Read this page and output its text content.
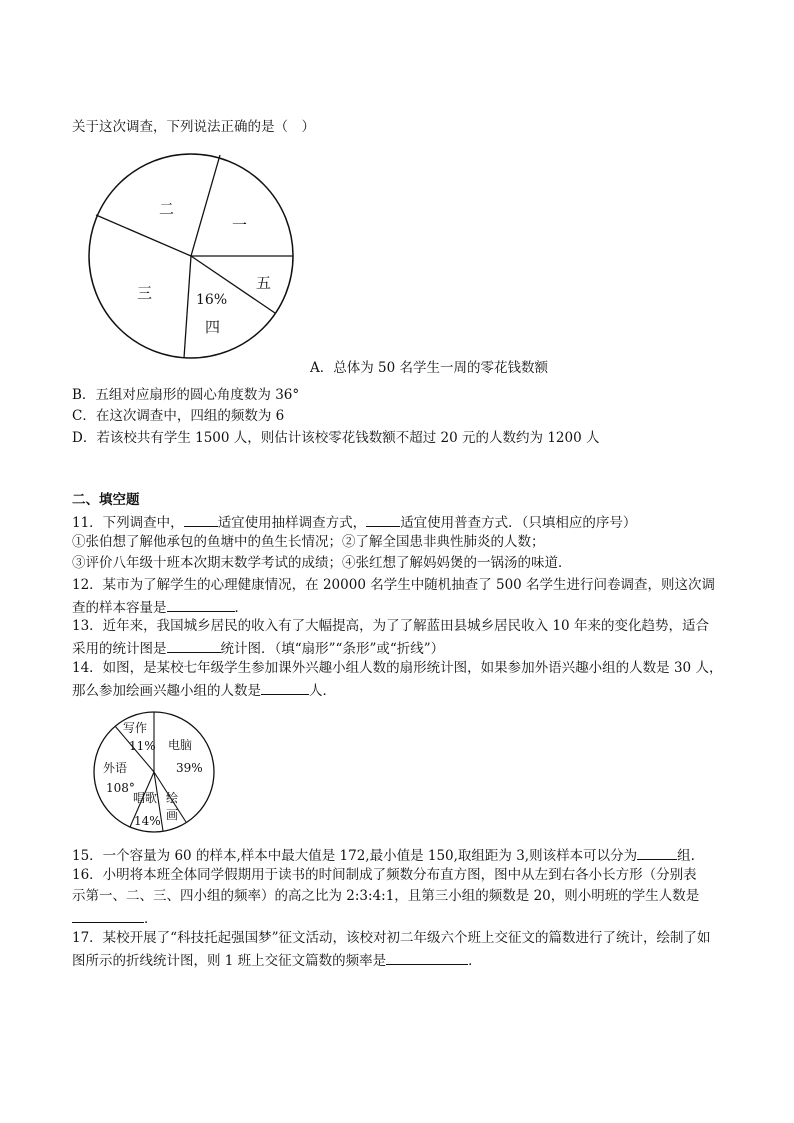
关于这次调查，下列说法正确的是（　）
一
二
三	16%
四
五
A．总体为 50 名学生一周的零花钱数额
B．五组对应扇形的圆心角度数为 36°
C．在这次调查中，四组的频数为 6
D．若该校共有学生 1500 人，则估计该校零花钱数额不超过 20 元的人数约为 1200 人
二、填空题
11．下列调查中，	适宜使用抽样调查方式，	适宜使用普查方式．（只填相应的序号）
①张伯想了解他承包的鱼塘中的鱼生长情况；②了解全国患非典性肺炎的人数；
③评价八年级十班本次期末数学考试的成绩；④张红想了解妈妈煲的一锅汤的味道．
12．某市为了解学生的心理健康情况，在 20000 名学生中随机抽查了 500 名学生进行问卷调查，则这次调
查的样本容量是	．
13．近年来，我国城乡居民的收入有了大幅提高，为了了解蓝田县城乡居民收入 10 年来的变化趋势，适合
采用的统计图是	统计图．（填“扇形”“条形”或“折线”）
14．如图，是某校七年级学生参加课外兴趣小组人数的扇形统计图，如果参加外语兴趣小组的人数是 30 人，
那么参加绘画兴趣小组的人数是	人．
写作
11% 电脑
39%
外语
108°
唱歌
14%
绘
画
15．一个容量为 60 的样本,样本中最大值是 172,最小值是 150,取组距为 3,则该样本可以分为	组.
16．小明将本班全体同学假期用于读书的时间制成了频数分布直方图，图中从左到右各小长方形（分别表
示第一、二、三、四小组的频率）的高之比为 2:3:4:1，且第三小组的频数是 20，则小明班的学生人数是
．
17．某校开展了“科技托起强国梦”征文活动，该校对初二年级六个班上交征文的篇数进行了统计，绘制了如
图所示的折线统计图，则 1 班上交征文篇数的频率是	．
